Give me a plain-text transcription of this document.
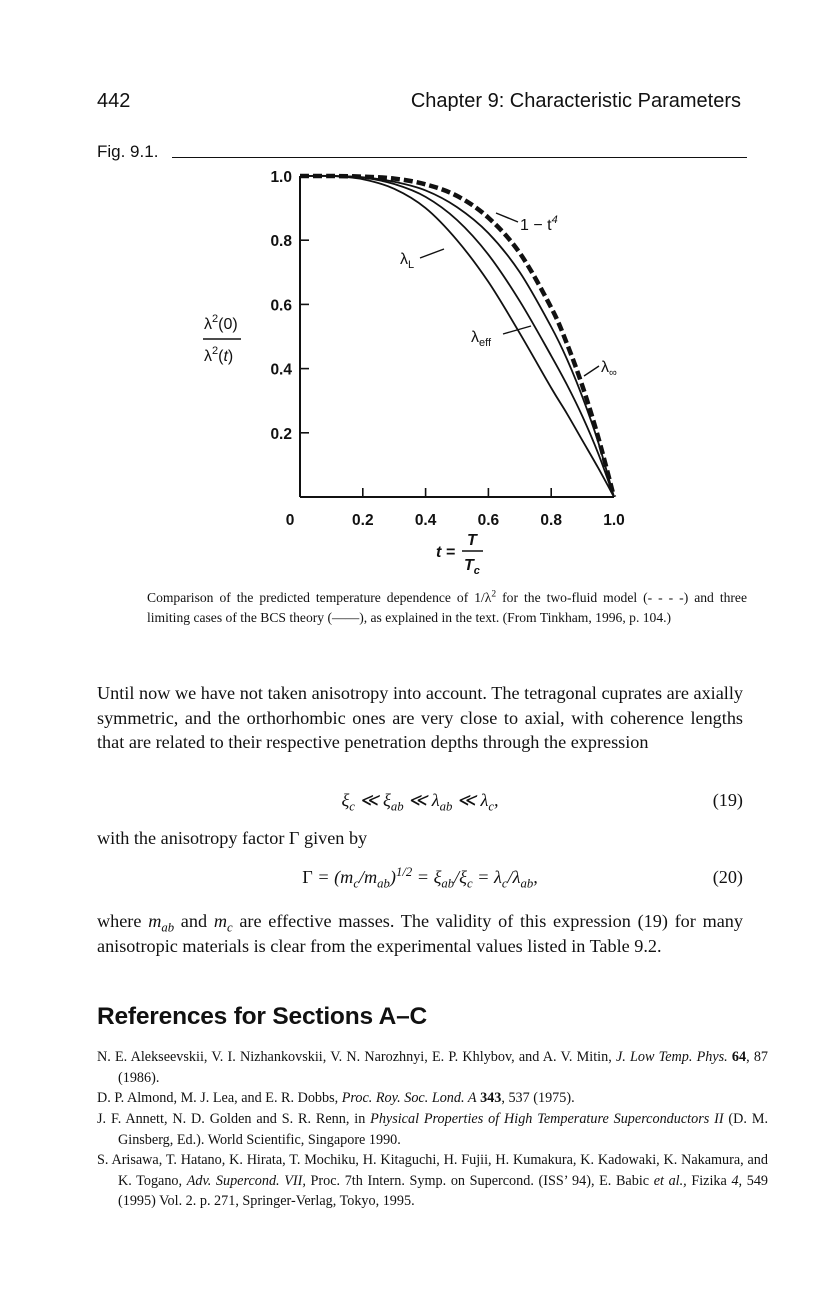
442	Chapter 9: Characteristic Parameters
Fig. 9.1.
0.2
0.4
0.6
0.8
1.0
0	0.2	0.4	0.6	0.8	1.0
$1 - t^4$
$\lambda_L$
$\lambda_{eff}$
$\lambda_\infty$
$\lambda^2(0)$
$\lambda^2(t)$
t =
T
$T_c$
Comparison of the predicted temperature dependence of $1/\lambda^2$ for the two-fluid model (- - - -) and three limiting cases of the BCS theory (——), as explained in the text. (From Tinkham, 1996, p. 104.)
Until now we have not taken anisotropy into account. The tetragonal cuprates are axially symmetric, and the orthorhombic ones are very close to axial, with coherence lengths that are related to their respective penetration depths through the expression
$\xi_c$ ≪ $\xi_{ab}$ ≪ $\lambda_{ab}$ ≪ $\lambda_c$,	(19)
with the anisotropy factor Γ given by
$\Gamma = (m_c/m_{ab})^{1/2} = \xi_{ab}/\xi_c = \lambda_c/\lambda_{ab}$,	(20)
where $m_{ab}$ and $m_c$ are effective masses. The validity of this expression (19) for many anisotropic materials is clear from the experimental values listed in Table 9.2.
References for Sections A–C
N. E. Alekseevskii, V. I. Nizhankovskii, V. N. Narozhnyi, E. P. Khlybov, and A. V. Mitin, J. Low Temp. Phys. 64, 87 (1986).
D. P. Almond, M. J. Lea, and E. R. Dobbs, Proc. Roy. Soc. Lond. A 343, 537 (1975).
J. F. Annett, N. D. Golden and S. R. Renn, in Physical Properties of High Temperature Superconductors II (D. M. Ginsberg, Ed.). World Scientific, Singapore 1990.
S. Arisawa, T. Hatano, K. Hirata, T. Mochiku, H. Kitaguchi, H. Fujii, H. Kumakura, K. Kadowaki, K. Nakamura, and K. Togano, Adv. Supercond. VII, Proc. 7th Intern. Symp. on Supercond. (ISS’ 94), E. Babic et al., Fizika 4, 549 (1995) Vol. 2. p. 271, Springer-Verlag, Tokyo, 1995.
